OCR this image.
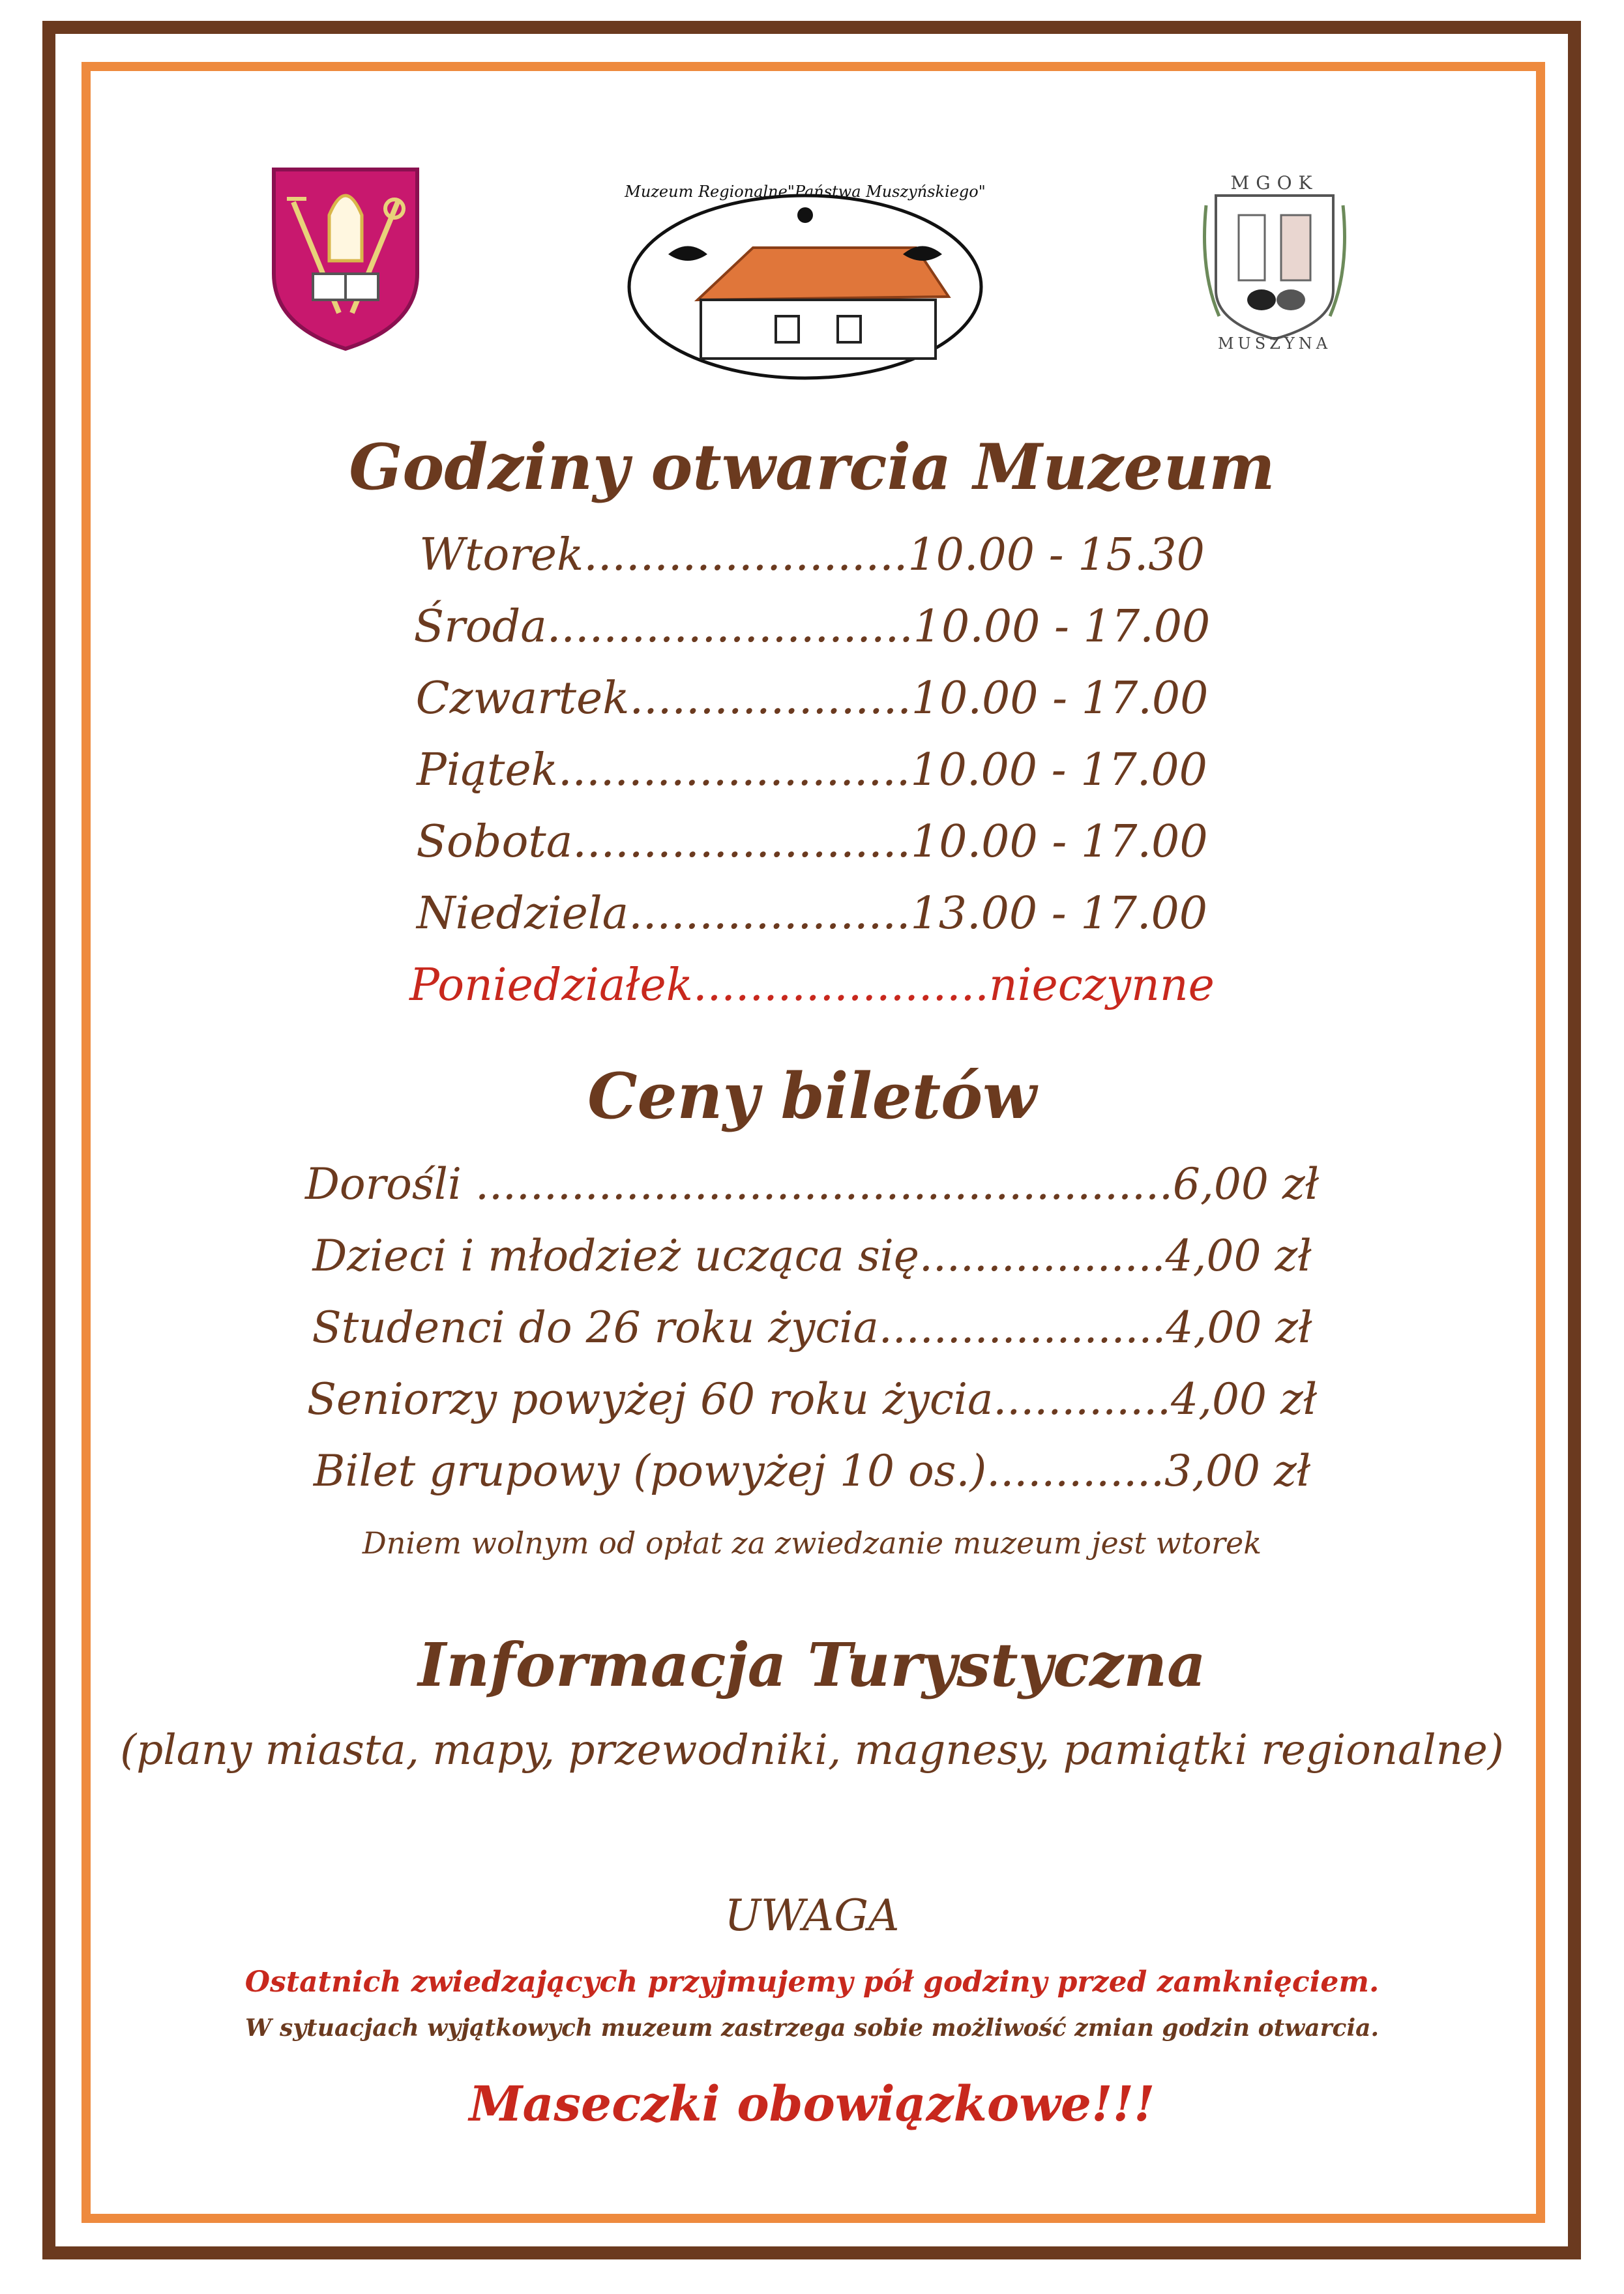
Muzeum Regionalne"Państwa Muszyńskiego"	MGOK
MUSZYNA
Godziny otwarcia Muzeum
Wtorek.......................10.00 - 15.30
Środa..........................10.00 - 17.00
Czwartek....................10.00 - 17.00
Piątek.........................10.00 - 17.00
Sobota........................10.00 - 17.00
Niedziela....................13.00 - 17.00
Poniedziałek.....................nieczynne
Ceny biletów
Dorośli ...................................................6,00 zł
Dzieci i młodzież ucząca się..................4,00 zł
Studenci do 26 roku życia.....................4,00 zł
Seniorzy powyżej 60 roku życia.............4,00 zł
Bilet grupowy (powyżej 10 os.).............3,00 zł
Dniem wolnym od opłat za zwiedzanie muzeum jest wtorek
Informacja Turystyczna
(plany miasta, mapy, przewodniki, magnesy, pamiątki regionalne)
UWAGA
Ostatnich zwiedzających przyjmujemy pół godziny przed zamknięciem.
W sytuacjach wyjątkowych muzeum zastrzega sobie możliwość zmian godzin otwarcia.
Maseczki obowiązkowe!!!
